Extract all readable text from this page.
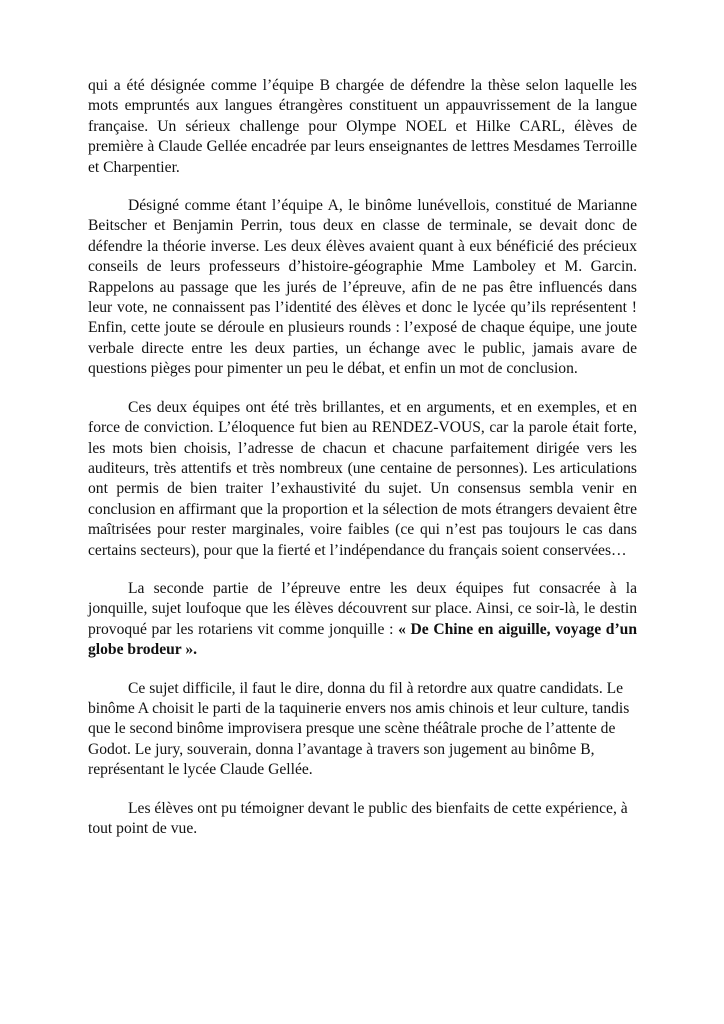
qui a été désignée comme l’équipe B chargée de défendre la thèse selon laquelle les mots empruntés aux langues étrangères constituent un appauvrissement de la langue française. Un sérieux challenge pour Olympe NOEL et Hilke CARL, élèves de première à Claude Gellée encadrée par leurs enseignantes de lettres Mesdames Terroille et Charpentier.

Désigné comme étant l’équipe A, le binôme lunévellois, constitué de Marianne Beitscher et Benjamin Perrin, tous deux en classe de terminale, se devait donc de défendre la théorie inverse. Les deux élèves avaient quant à eux bénéficié des précieux conseils de leurs professeurs d’histoire-géographie Mme Lamboley et M. Garcin. Rappelons au passage que les jurés de l’épreuve, afin de ne pas être influencés dans leur vote, ne connaissent pas l’identité des élèves et donc le lycée qu’ils représentent ! Enfin, cette joute se déroule en plusieurs rounds : l’exposé de chaque équipe, une joute verbale directe entre les deux parties, un échange avec le public, jamais avare de questions pièges pour pimenter un peu le débat, et enfin un mot de conclusion.

Ces deux équipes ont été très brillantes, et en arguments, et en exemples, et en force de conviction. L’éloquence fut bien au RENDEZ-VOUS, car la parole était forte, les mots bien choisis, l’adresse de chacun et chacune parfaitement dirigée vers les auditeurs, très attentifs et très nombreux (une centaine de personnes). Les articulations ont permis de bien traiter l’exhaustivité du sujet. Un consensus sembla venir en conclusion en affirmant que la proportion et la sélection de mots étrangers devaient être maîtrisées pour rester marginales, voire faibles (ce qui n’est pas toujours le cas dans certains secteurs), pour que la fierté et l’indépendance du français soient conservées…

La seconde partie de l’épreuve entre les deux équipes fut consacrée à la jonquille, sujet loufoque que les élèves découvrent sur place. Ainsi, ce soir-là, le destin provoqué par les rotariens vit comme jonquille : « De Chine en aiguille, voyage d’un globe brodeur ».

Ce sujet difficile, il faut le dire, donna du fil à retordre aux quatre candidats. Le binôme A choisit le parti de la taquinerie envers nos amis chinois et leur culture, tandis que le second binôme improvisera presque une scène théâtrale proche de l’attente de Godot. Le jury, souverain, donna l’avantage à travers son jugement au binôme B, représentant le lycée Claude Gellée.

Les élèves ont pu témoigner devant le public des bienfaits de cette expérience, à tout point de vue.
